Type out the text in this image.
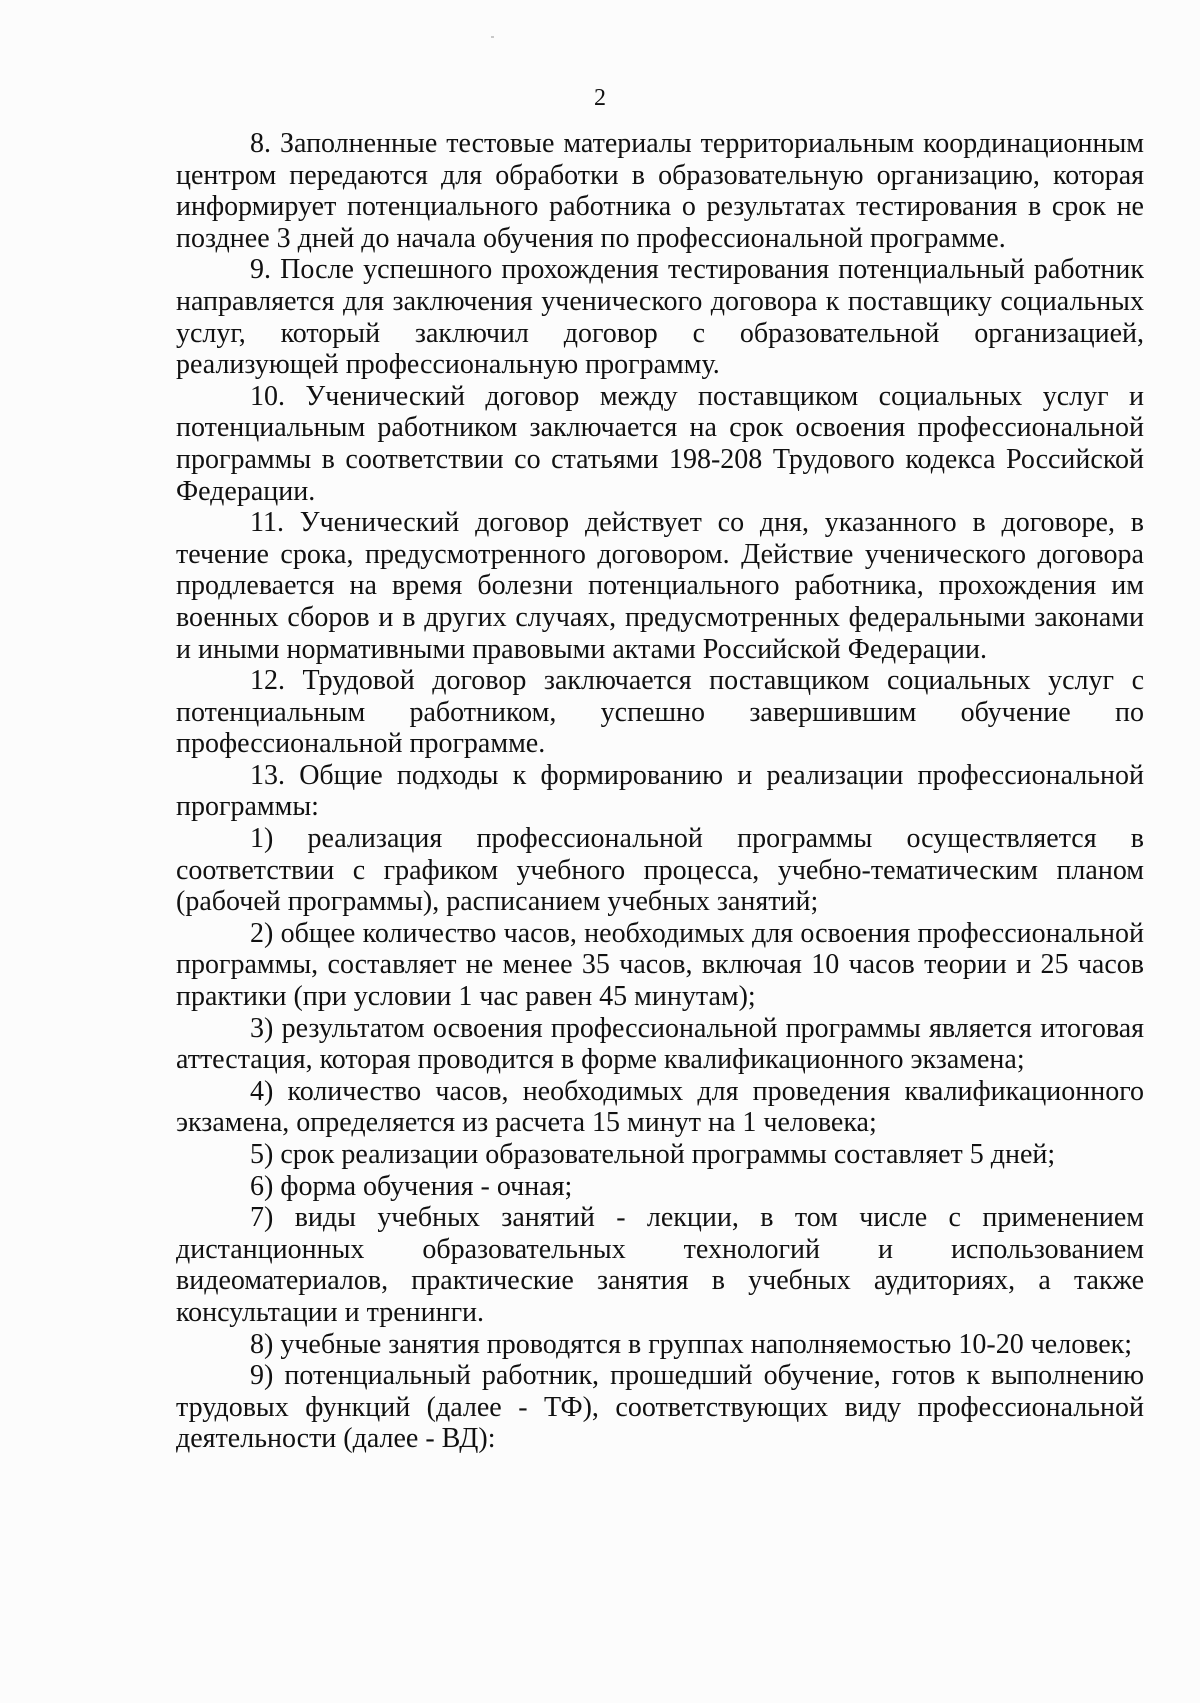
2

8. Заполненные тестовые материалы территориальным координационным центром передаются для обработки в образовательную организацию, которая информирует потенциального работника о результатах тестирования в срок не позднее 3 дней до начала обучения по профессиональной программе.

9. После успешного прохождения тестирования потенциальный работник направляется для заключения ученического договора к поставщику социальных услуг, который заключил договор с образовательной организацией, реализующей профессиональную программу.

10. Ученический договор между поставщиком социальных услуг и потенциальным работником заключается на срок освоения профессиональной программы в соответствии со статьями 198-208 Трудового кодекса Российской Федерации.

11. Ученический договор действует со дня, указанного в договоре, в течение срока, предусмотренного договором. Действие ученического договора продлевается на время болезни потенциального работника, прохождения им военных сборов и в других случаях, предусмотренных федеральными законами и иными нормативными правовыми актами Российской Федерации.

12. Трудовой договор заключается поставщиком социальных услуг с потенциальным работником, успешно завершившим обучение по профессиональной программе.

13. Общие подходы к формированию и реализации профессиональной программы:

1) реализация профессиональной программы осуществляется в соответствии с графиком учебного процесса, учебно-тематическим планом (рабочей программы), расписанием учебных занятий;

2) общее количество часов, необходимых для освоения профессиональной программы, составляет не менее 35 часов, включая 10 часов теории и 25 часов практики (при условии 1 час равен 45 минутам);

3) результатом освоения профессиональной программы является итоговая аттестация, которая проводится в форме квалификационного экзамена;

4) количество часов, необходимых для проведения квалификационного экзамена, определяется из расчета 15 минут на 1 человека;

5) срок реализации образовательной программы составляет 5 дней;

6) форма обучения - очная;

7) виды учебных занятий - лекции, в том числе с применением дистанционных образовательных технологий и использованием видеоматериалов, практические занятия в учебных аудиториях, а также консультации и тренинги.

8) учебные занятия проводятся в группах наполняемостью 10-20 человек;

9) потенциальный работник, прошедший обучение, готов к выполнению трудовых функций (далее - ТФ), соответствующих виду профессиональной деятельности (далее - ВД):
